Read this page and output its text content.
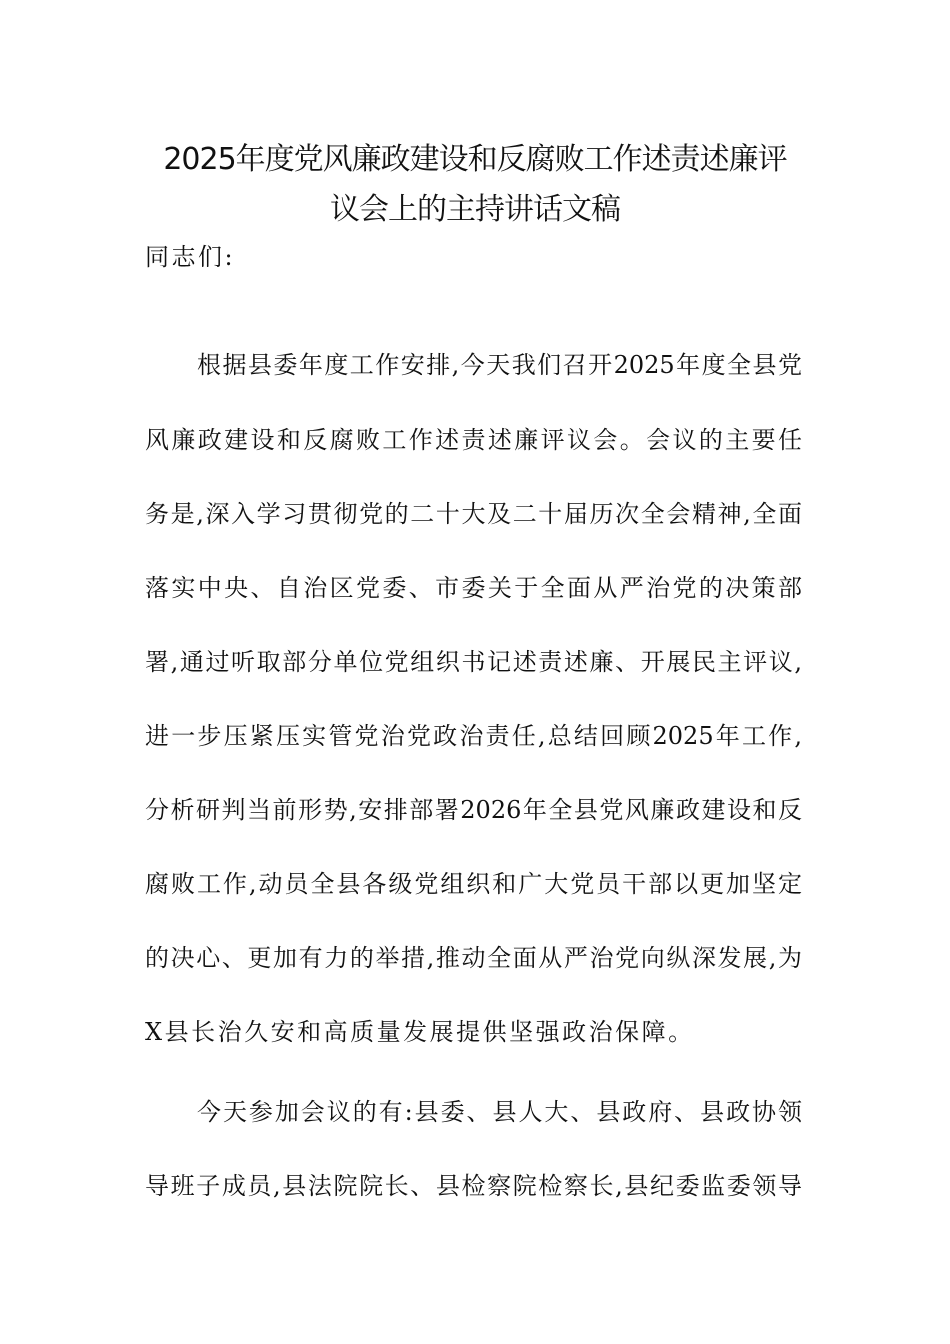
2025年度党风廉政建设和反腐败工作述责述廉评
议会上的主持讲话文稿
同志们:
根据县委年度工作安排,今天我们召开2025年度全县党
风廉政建设和反腐败工作述责述廉评议会。会议的主要任
务是,深入学习贯彻党的二十大及二十届历次全会精神,全面
落实中央、自治区党委、市委关于全面从严治党的决策部
署,通过听取部分单位党组织书记述责述廉、开展民主评议,
进一步压紧压实管党治党政治责任,总结回顾2025年工作,
分析研判当前形势,安排部署2026年全县党风廉政建设和反
腐败工作,动员全县各级党组织和广大党员干部以更加坚定
的决心、更加有力的举措,推动全面从严治党向纵深发展,为
X县长治久安和高质量发展提供坚强政治保障。
今天参加会议的有:县委、县人大、县政府、县政协领
导班子成员,县法院院长、县检察院检察长,县纪委监委领导
